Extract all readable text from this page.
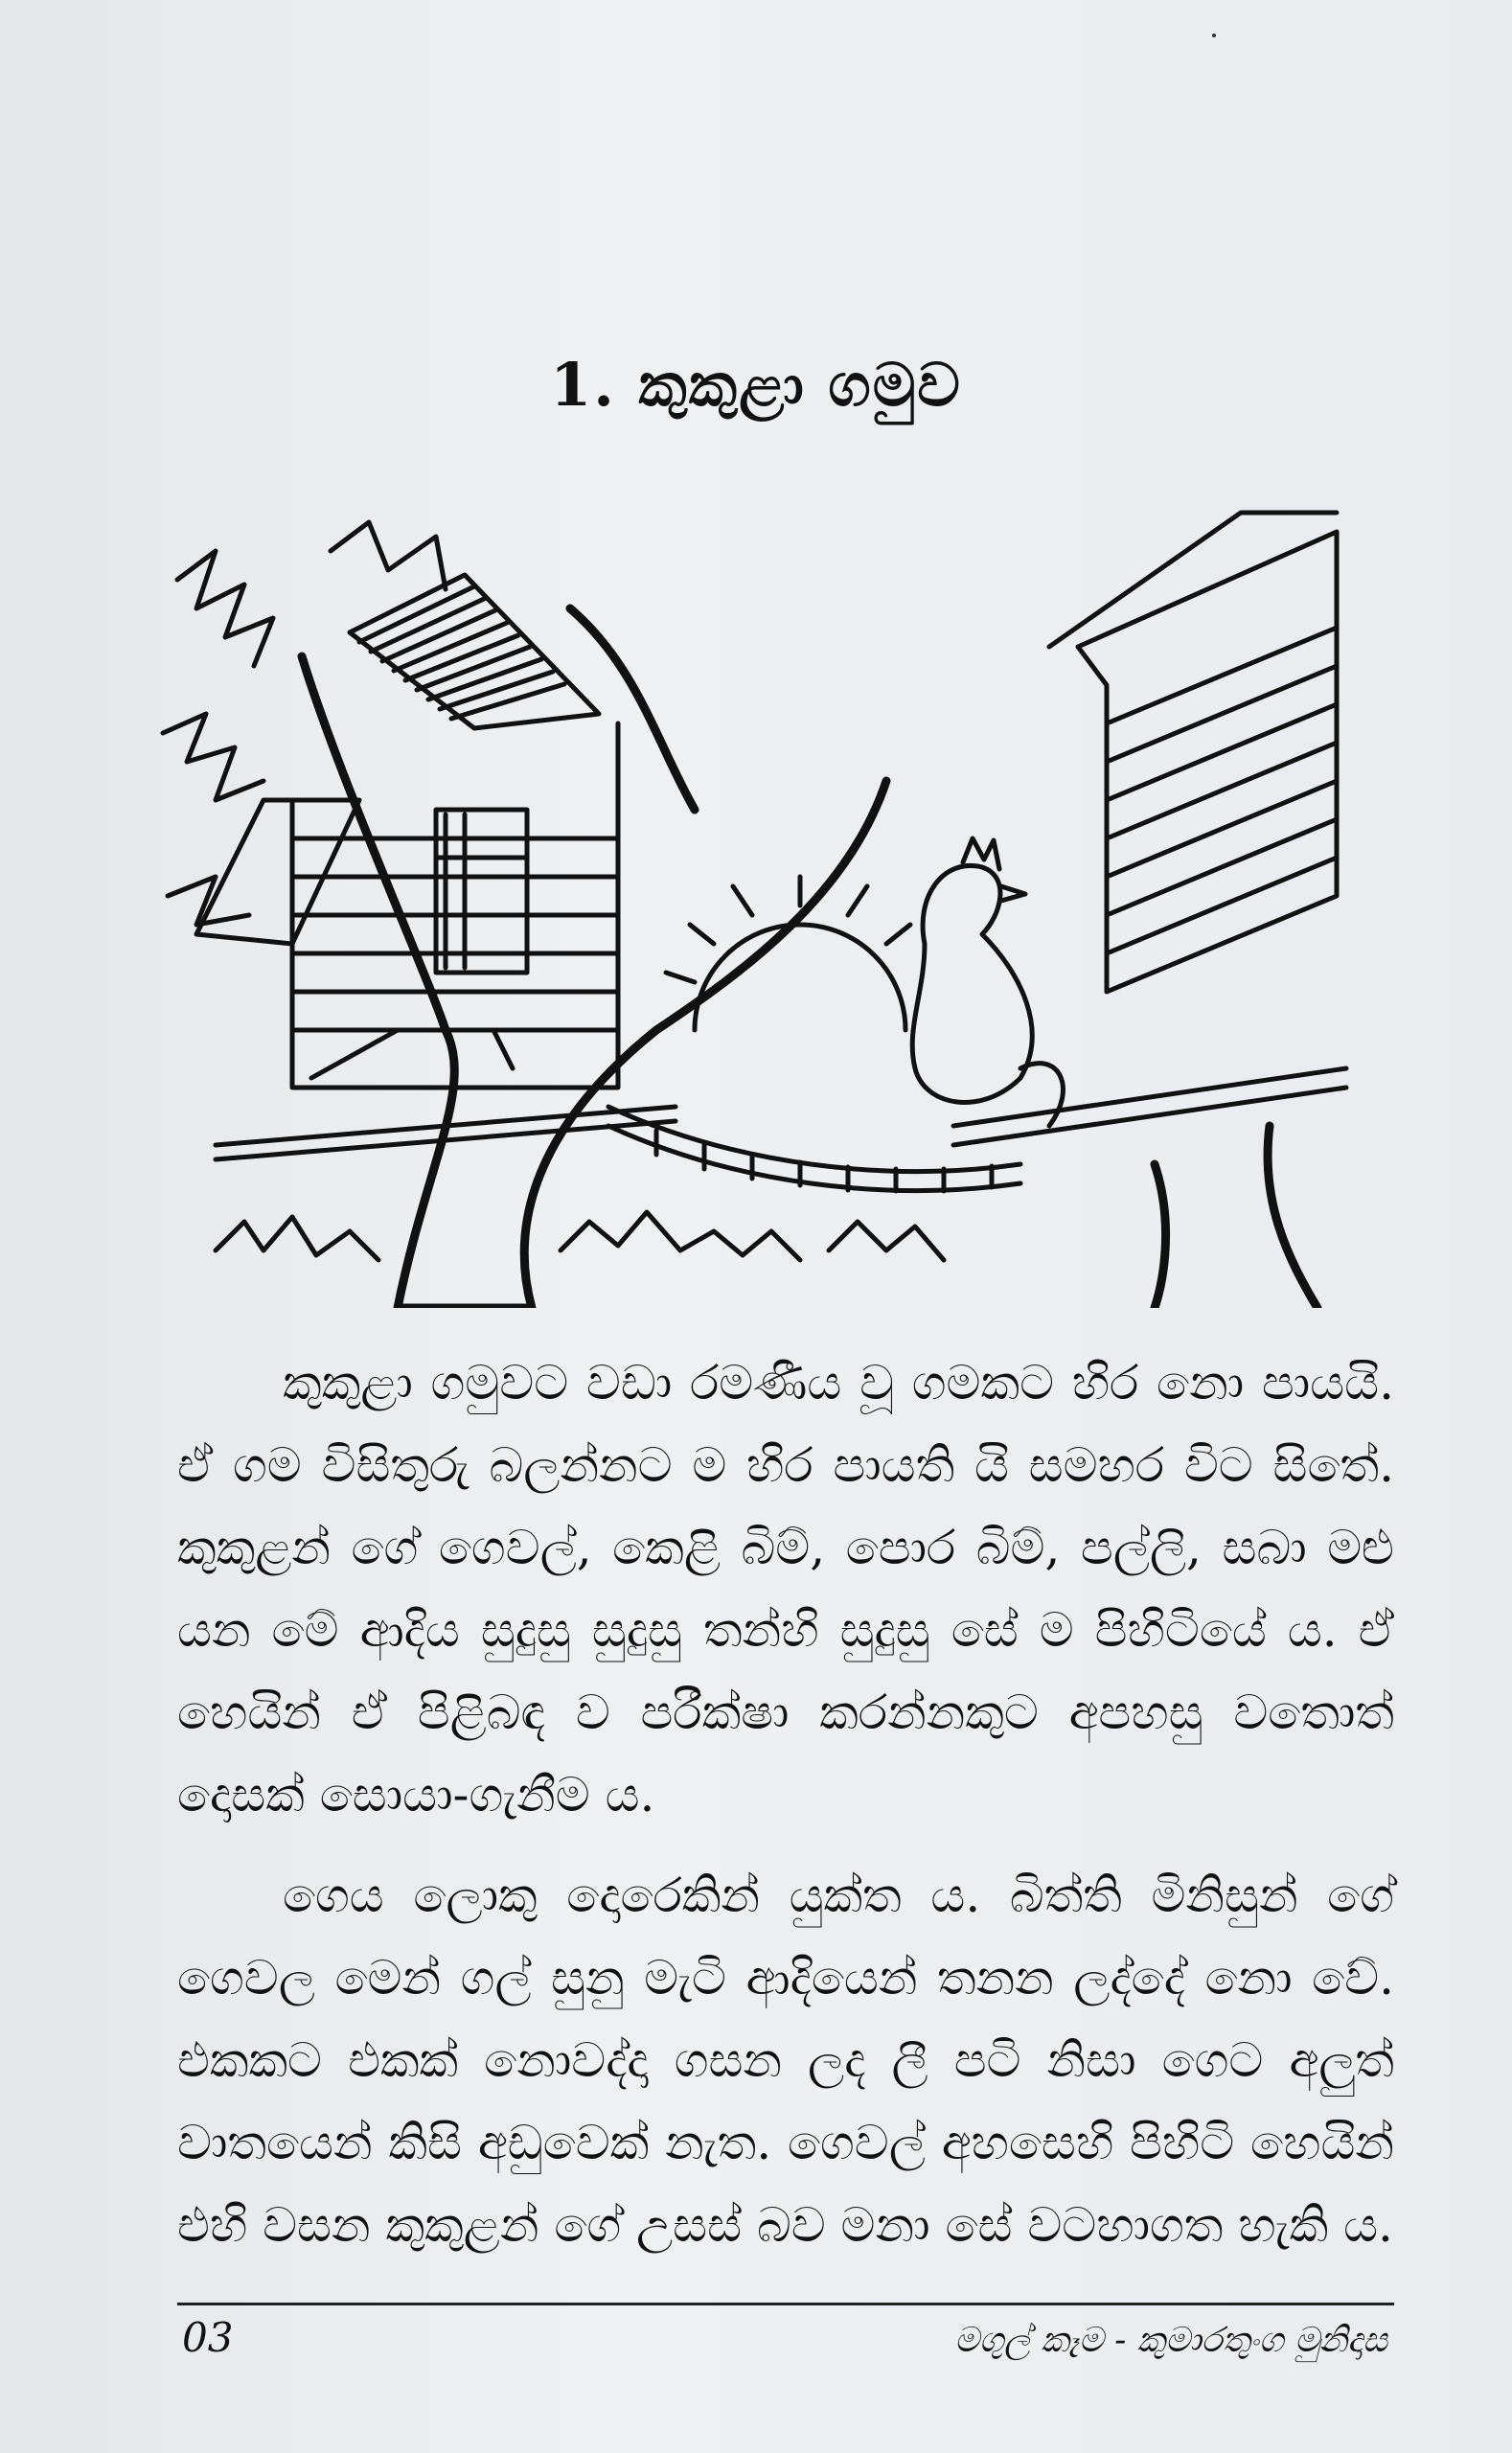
1. කුකුළා ගමුව

කුකුළා ගමුවට වඩා රමණීය වූ ගමකට හිර නො පායයි. ඒ ගම විසිතුරු බලන්නට ම හිර පායති යි සමහර විට සිතේ. කුකුළන් ගේ ගෙවල්, කෙළි බිම්, පොර බිම්, පල්ලි, සබා මළු යන මේ ආදිය සුදුසු සුදුසු තන්හි සුදුසු සේ ම පිහිටියේ ය. ඒ හෙයින් ඒ පිළිබඳ ව පරීක්ෂා කරන්නකුට අපහසු වතොත් දොසක් සොයා-ගැනීම ය.

ගෙය ලොකු දොරෙකින් යුක්ත ය. බිත්ති මිනිසුන් ගේ ගෙවල මෙන් ගල් සුනු මැටි ආදියෙන් තනන ලද්දේ නො වේ. එකකට එකක් නොවද්දා ගසන ලද ලී පටි නිසා ගෙට අලුත් වාතයෙන් කිසි අඩුවෙක් නැත. ගෙවල් අහසෙහි පිහිටි හෙයින් එහි වසන කුකුළන් ගේ උසස් බව මනා සේ වටහාගත හැකි ය.

03	මගුල් කෑම - කුමාරතුංග මුනිදාස
